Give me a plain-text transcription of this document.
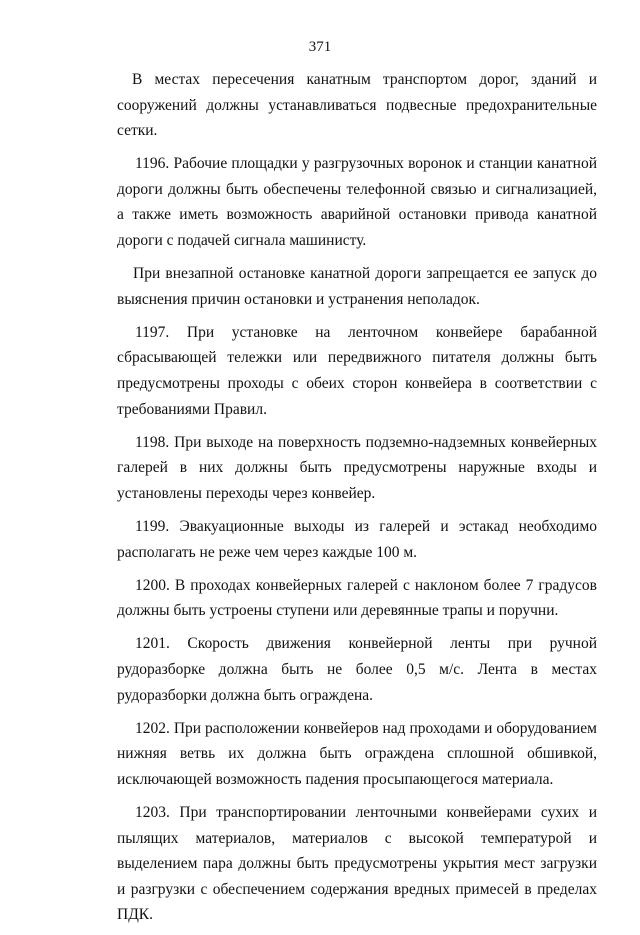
371

В местах пересечения канатным транспортом дорог, зданий и сооружений должны устанавливаться подвесные предохранительные сетки.

1196. Рабочие площадки у разгрузочных воронок и станции канатной дороги должны быть обеспечены телефонной связью и сигнализацией, а также иметь возможность аварийной остановки привода канатной дороги с подачей сигнала машинисту.

При внезапной остановке канатной дороги запрещается ее запуск до выяснения причин остановки и устранения неполадок.

1197. При установке на ленточном конвейере барабанной сбрасывающей тележки или передвижного питателя должны быть предусмотрены проходы с обеих сторон конвейера в соответствии с требованиями Правил.

1198. При выходе на поверхность подземно-надземных конвейерных галерей в них должны быть предусмотрены наружные входы и установлены переходы через конвейер.

1199. Эвакуационные выходы из галерей и эстакад необходимо располагать не реже чем через каждые 100 м.

1200. В проходах конвейерных галерей с наклоном более 7 градусов должны быть устроены ступени или деревянные трапы и поручни.

1201. Скорость движения конвейерной ленты при ручной рудоразборке должна быть не более 0,5 м/с. Лента в местах рудоразборки должна быть ограждена.

1202. При расположении конвейеров над проходами и оборудованием нижняя ветвь их должна быть ограждена сплошной обшивкой, исключающей возможность падения просыпающегося материала.

1203. При транспортировании ленточными конвейерами сухих и пылящих материалов, материалов с высокой температурой и выделением пара должны быть предусмотрены укрытия мест загрузки и разгрузки с обеспечением содержания вредных примесей в пределах ПДК.
